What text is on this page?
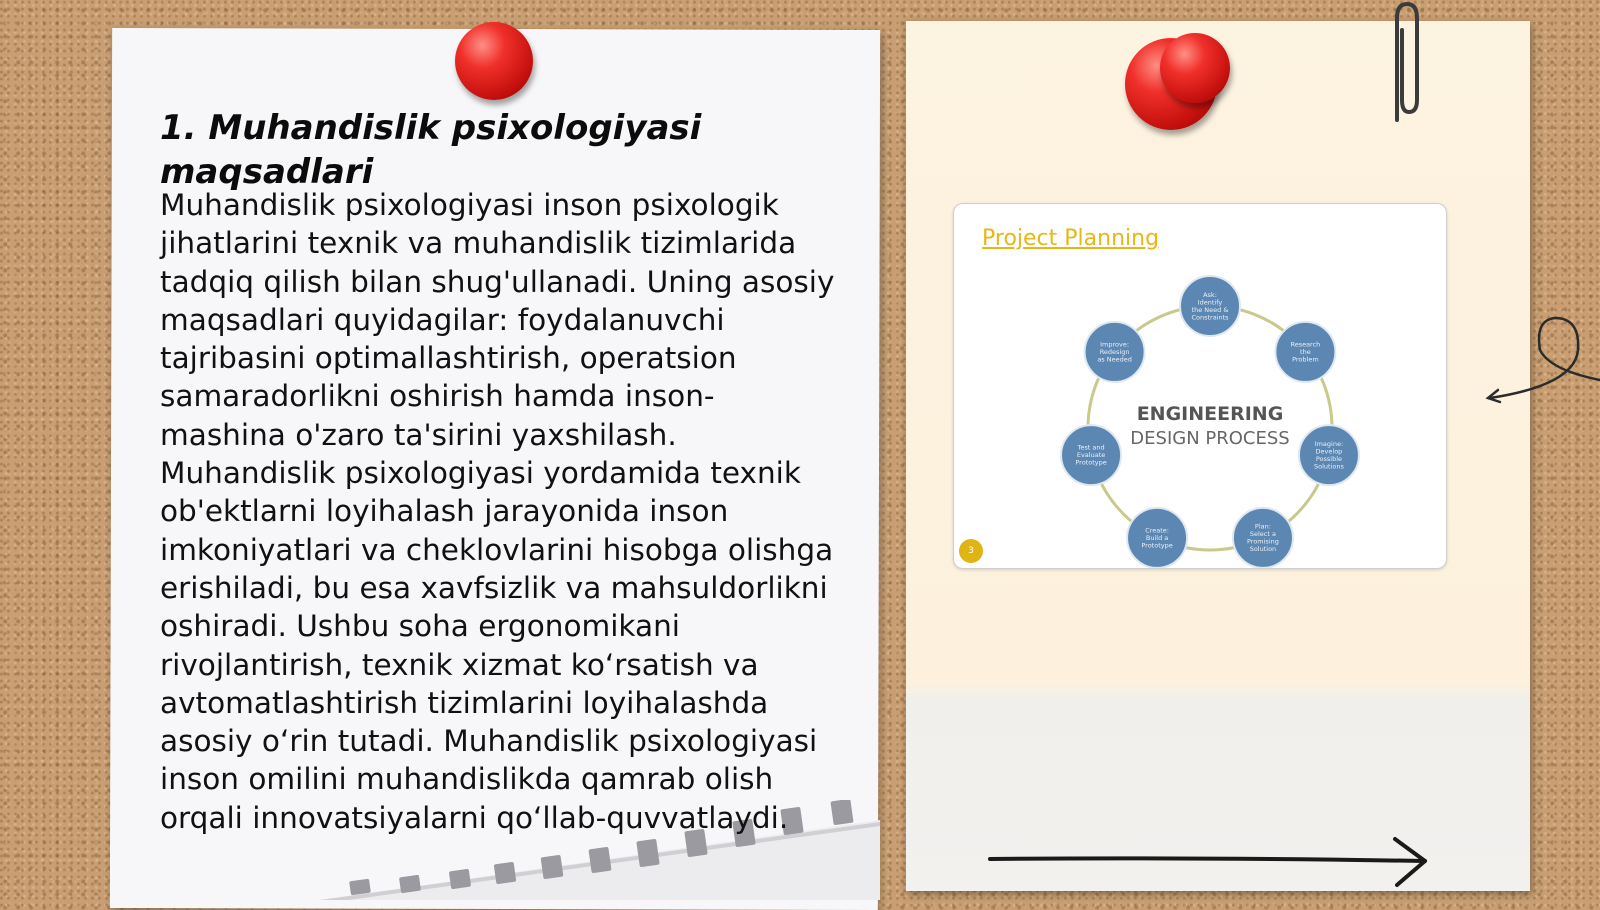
1. Muhandislik psixologiyasi maqsadlari

Muhandislik psixologiyasi inson psixologik jihatlarini texnik va muhandislik tizimlarida tadqiq qilish bilan shug'ullanadi. Uning asosiy maqsadlari quyidagilar: foydalanuvchi tajribasini optimallashtirish, operatsion samaradorlikni oshirish hamda inson-mashina o'zaro ta'sirini yaxshilash. Muhandislik psixologiyasi yordamida texnik ob'ektlarni loyihalash jarayonida inson imkoniyatlari va cheklovlarini hisobga olishga erishiladi, bu esa xavfsizlik va mahsuldorlikni oshiradi. Ushbu soha ergonomikani rivojlantirish, texnik xizmat ko‘rsatish va avtomatlashtirish tizimlarini loyihalashda asosiy o‘rin tutadi. Muhandislik psixologiyasi inson omilini muhandislikda qamrab olish orqali innovatsiyalarni qo‘llab-quvvatlaydi.

Project Planning
ENGINEERING
DESIGN PROCESS
Ask: Identify the Need & Constraints
Research the Problem
Imagine: Develop Possible Solutions
Plan: Select a Promising Solution
Create: Build a Prototype
Test and Evaluate Prototype
Improve: Redesign as Needed
3
